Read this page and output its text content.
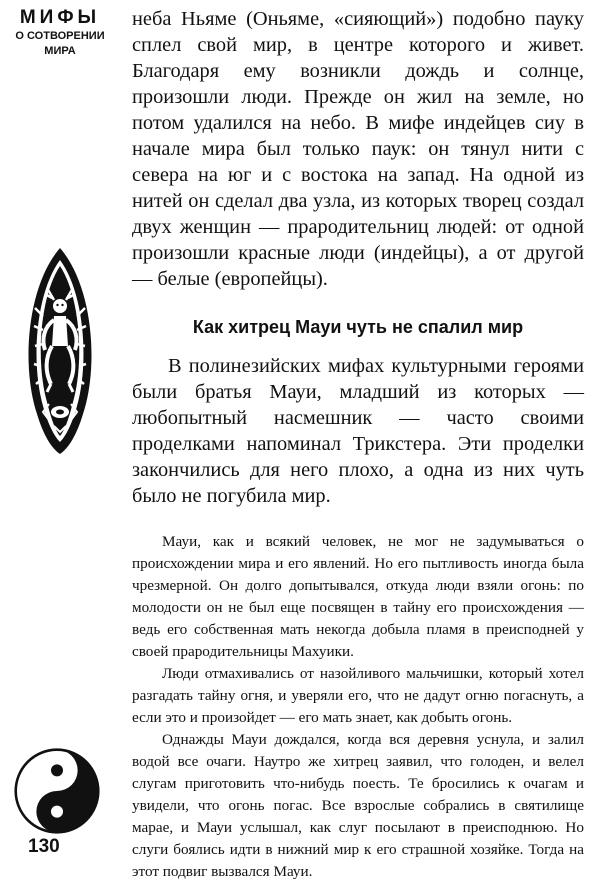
МИФЫ
О СОТВОРЕНИИ
МИРА
130

неба Ньяме (Оньяме, «сияющий») подобно пауку сплел свой мир, в центре которого и живет. Благодаря ему возникли дождь и солнце, произошли люди. Прежде он жил на земле, но потом удалился на небо. В мифе индейцев сиу в начале мира был только паук: он тянул нити с севера на юг и с востока на запад. На одной из нитей он сделал два узла, из которых творец создал двух женщин — прародительниц людей: от одной произошли красные люди (индейцы), а от другой — белые (европейцы).

Как хитрец Мауи чуть не спалил мир

В полинезийских мифах культурными героями были братья Мауи, младший из которых — любопытный насмешник — часто своими проделками напоминал Трикстера. Эти проделки закончились для него плохо, а одна из них чуть было не погубила мир.

Мауи, как и всякий человек, не мог не задумываться о происхождении мира и его явлений. Но его пытливость иногда была чрезмерной. Он долго допытывался, откуда люди взяли огонь: по молодости он не был еще посвящен в тайну его происхождения — ведь его собственная мать некогда добыла пламя в преисподней у своей прародительницы Махуики.

Люди отмахивались от назойливого мальчишки, который хотел разгадать тайну огня, и уверяли его, что не дадут огню погаснуть, а если это и произойдет — его мать знает, как добыть огонь.

Однажды Мауи дождался, когда вся деревня уснула, и залил водой все очаги. Наутро же хитрец заявил, что голоден, и велел слугам приготовить что-нибудь поесть. Те бросились к очагам и увидели, что огонь погас. Все взрослые собрались в святилище марае, и Мауи услышал, как слуг посылают в преисподнюю. Но слуги боялись идти в нижний мир к его страшной хозяйке. Тогда на этот подвиг вызвался Мауи.
